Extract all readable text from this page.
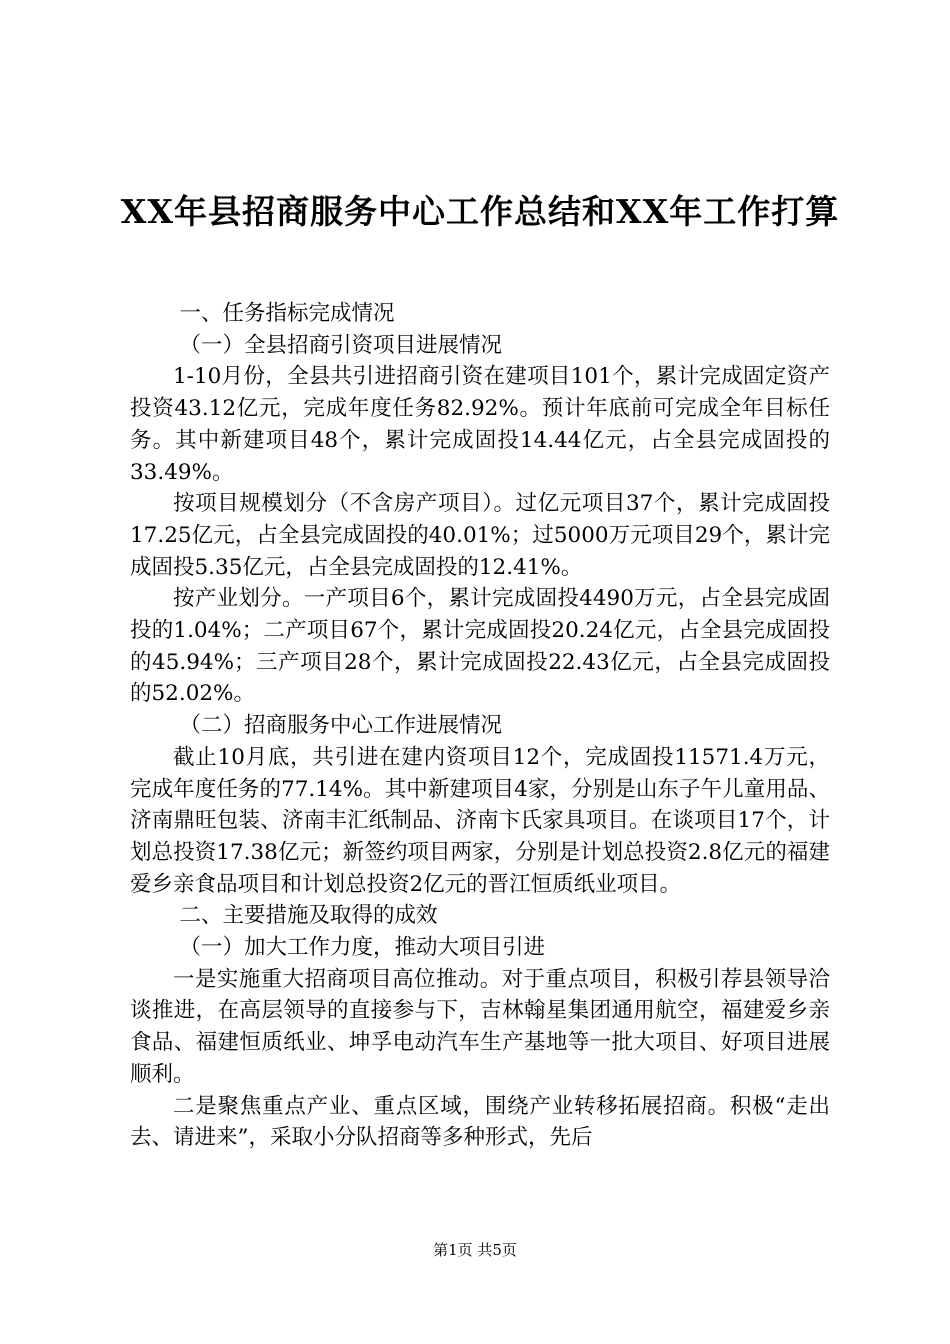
XX年县招商服务中心工作总结和XX年工作打算

一、任务指标完成情况

（一）全县招商引资项目进展情况

1-10月份，全县共引进招商引资在建项目101个，累计完成固定资产投资43.12亿元，完成年度任务82.92%。预计年底前可完成全年目标任务。其中新建项目48个，累计完成固投14.44亿元，占全县完成固投的33.49%。

按项目规模划分（不含房产项目）。过亿元项目37个，累计完成固投17.25亿元，占全县完成固投的40.01%；过5000万元项目29个，累计完成固投5.35亿元，占全县完成固投的12.41%。

按产业划分。一产项目6个，累计完成固投4490万元，占全县完成固投的1.04%；二产项目67个，累计完成固投20.24亿元，占全县完成固投的45.94%；三产项目28个，累计完成固投22.43亿元，占全县完成固投的52.02%。

（二）招商服务中心工作进展情况

截止10月底，共引进在建内资项目12个，完成固投11571.4万元，完成年度任务的77.14%。其中新建项目4家，分别是山东子午儿童用品、济南鼎旺包装、济南丰汇纸制品、济南卞氏家具项目。在谈项目17个，计划总投资17.38亿元；新签约项目两家，分别是计划总投资2.8亿元的福建爱乡亲食品项目和计划总投资2亿元的晋江恒质纸业项目。

二、主要措施及取得的成效

（一）加大工作力度，推动大项目引进

一是实施重大招商项目高位推动。对于重点项目，积极引荐县领导洽谈推进，在高层领导的直接参与下，吉林翰星集团通用航空，福建爱乡亲食品、福建恒质纸业、坤孚电动汽车生产基地等一批大项目、好项目进展顺利。

二是聚焦重点产业、重点区域，围绕产业转移拓展招商。积极“走出去、请进来”，采取小分队招商等多种形式，先后

第1页 共5页
